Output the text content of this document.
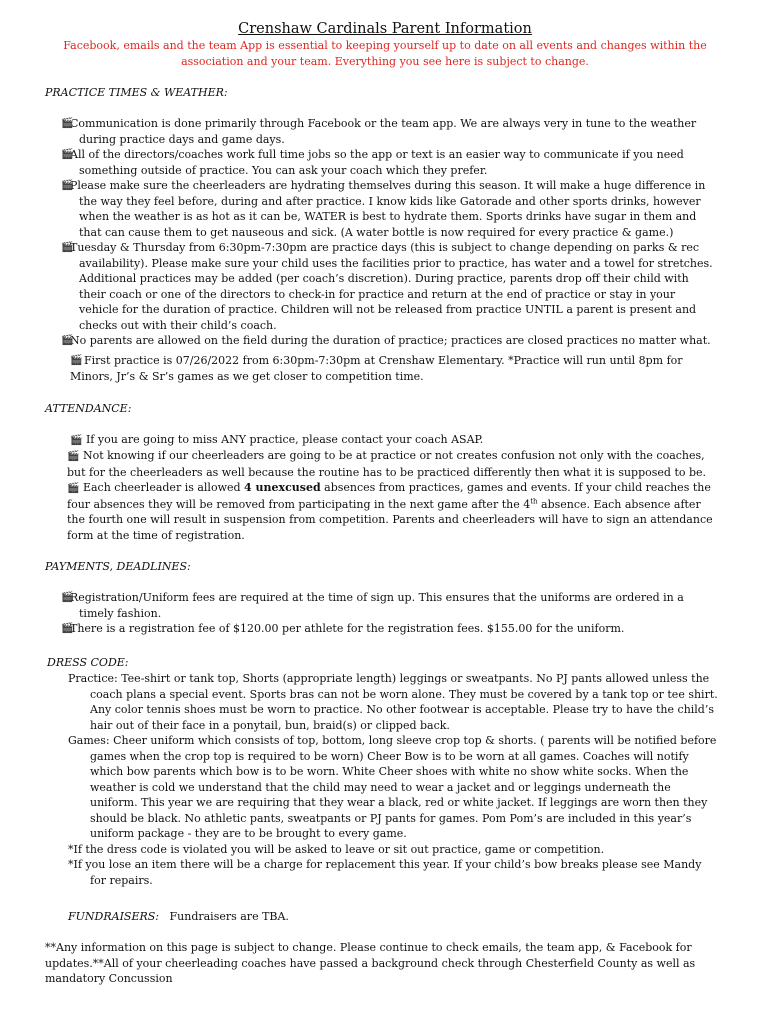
Crenshaw Cardinals Parent Information
Facebook, emails and the team App is essential to keeping yourself up to date on all events and changes within the association and your team. Everything you see here is subject to change.
PRACTICE TIMES & WEATHER:
🎬
Communication is done primarily through Facebook or the team app. We are always very in tune to the weather during practice days and game days.
🎬
All of the directors/coaches work full time jobs so the app or text is an easier way to communicate if you need something outside of practice. You can ask your coach which they prefer.
🎬
Please make sure the cheerleaders are hydrating themselves during this season. It will make a huge difference in the way they feel before, during and after practice. I know kids like Gatorade and other sports drinks, however when the weather is as hot as it can be, WATER is best to hydrate them. Sports drinks have sugar in them and that can cause them to get nauseous and sick. (A water bottle is now required for every practice & game.)
🎬
Tuesday & Thursday from 6:30pm-7:30pm are practice days (this is subject to change depending on parks & rec availability). Please make sure your child uses the facilities prior to practice, has water and a towel for stretches. Additional practices may be added (per coach’s discretion). During practice, parents drop off their child with their coach or one of the directors to check-in for practice and return at the end of practice or stay in your vehicle for the duration of practice. Children will not be released from practice UNTIL a parent is present and checks out with their child’s coach.
🎬
No parents are allowed on the field during the duration of practice; practices are closed practices no matter what.
🎬 First practice is 07/26/2022 from 6:30pm-7:30pm at Crenshaw Elementary. *Practice will run until 8pm for Minors, Jr’s & Sr’s games as we get closer to competition time.
ATTENDANCE:
🎬 If you are going to miss ANY practice, please contact your coach ASAP.
🎬 Not knowing if our cheerleaders are going to be at practice or not creates confusion not only with the coaches, but for the cheerleaders as well because the routine has to be practiced differently then what it is supposed to be. 🎬 Each cheerleader is allowed 4 unexcused absences from practices, games and events. If your child reaches the four absences they will be removed from participating in the next game after the 4th absence. Each absence after the fourth one will result in suspension from competition. Parents and cheerleaders will have to sign an attendance form at the time of registration.
PAYMENTS, DEADLINES:
🎬
Registration/Uniform fees are required at the time of sign up. This ensures that the uniforms are ordered in a timely fashion.
🎬
There is a registration fee of $120.00 per athlete for the registration fees. $155.00 for the uniform.
DRESS CODE:
Practice: Tee-shirt or tank top, Shorts (appropriate length) leggings or sweatpants. No PJ pants allowed unless the coach plans a special event. Sports bras can not be worn alone. They must be covered by a tank top or tee shirt. Any color tennis shoes must be worn to practice. No other footwear is acceptable. Please try to have the child’s hair out of their face in a ponytail, bun, braid(s) or clipped back.
Games: Cheer uniform which consists of top, bottom, long sleeve crop top & shorts. ( parents will be notified before games when the crop top is required to be worn) Cheer Bow is to be worn at all games. Coaches will notify which bow parents which bow is to be worn. White Cheer shoes with white no show white socks. When the weather is cold we understand that the child may need to wear a jacket and or leggings underneath the uniform. This year we are requiring that they wear a black, red or white jacket. If leggings are worn then they should be black. No athletic pants, sweatpants or PJ pants for games. Pom Pom’s are included in this year’s uniform package - they are to be brought to every game.
*If the dress code is violated you will be asked to leave or sit out practice, game or competition.
*If you lose an item there will be a charge for replacement this year. If your child’s bow breaks please see Mandy for repairs.
FUNDRAISERS: Fundraisers are TBA.
**Any information on this page is subject to change. Please continue to check emails, the team app, & Facebook for updates.**All of your cheerleading coaches have passed a background check through Chesterfield County as well as mandatory Concussion
